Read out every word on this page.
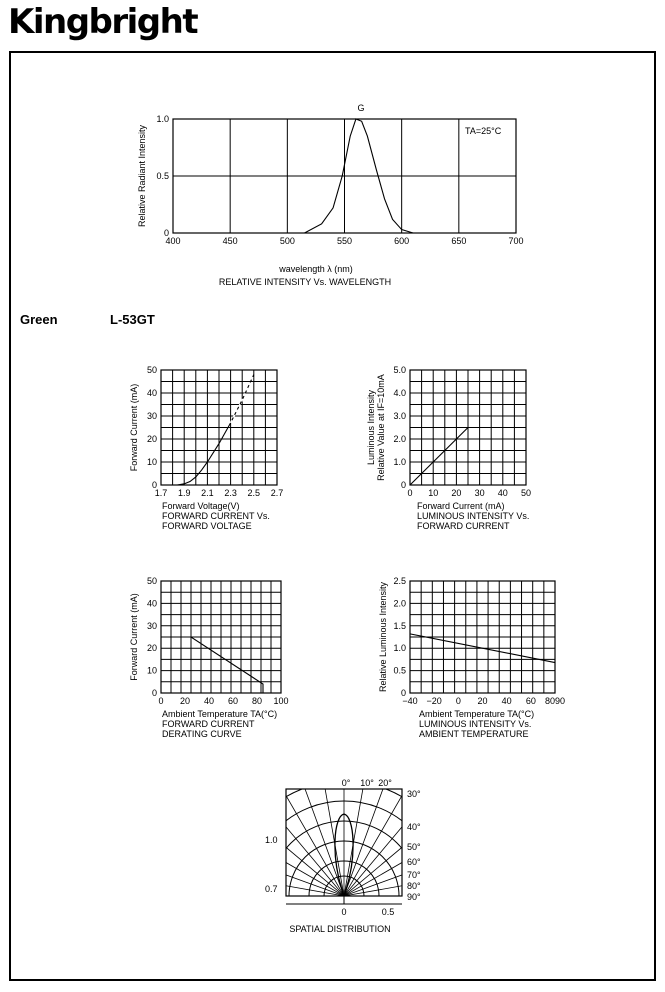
Kingbright
Green	L-53GT
400	450	500	550	600	650	700
0
0.5
1.0
Relative Radiant Intensity
wavelength λ (nm)
RELATIVE INTENSITY Vs. WAVELENGTH
G
TA=25°C
1.7 1.9 2.1 2.3 2.5 2.7
0
10
20
30
40
50
Forward Current (mA)
Forward Voltage(V)
FORWARD CURRENT Vs.
FORWARD VOLTAGE
0 10 20 30 40 50
0
1.0
2.0
3.0
4.0
5.0
Luminous Intensity Relative Value at IF=10mA
Forward Current (mA)
LUMINOUS INTENSITY Vs.
FORWARD CURRENT
0 20 40 60 80 100
0
10
20
30
40
50
Forward Current (mA)
Ambient Temperature TA(°C)
FORWARD CURRENT
DERATING CURVE
−40 −20 0 20 40 60 8090
0
0.5
1.0
1.5
2.0
2.5
Relative Luminous Intensity
Ambient Temperature TA(°C)
LUMINOUS INTENSITY Vs.
AMBIENT TEMPERATURE
0° 10° 20°
30°
40°
50°
60°
70°
80°
90°
1.0
0.7
0	0.5
SPATIAL DISTRIBUTION
